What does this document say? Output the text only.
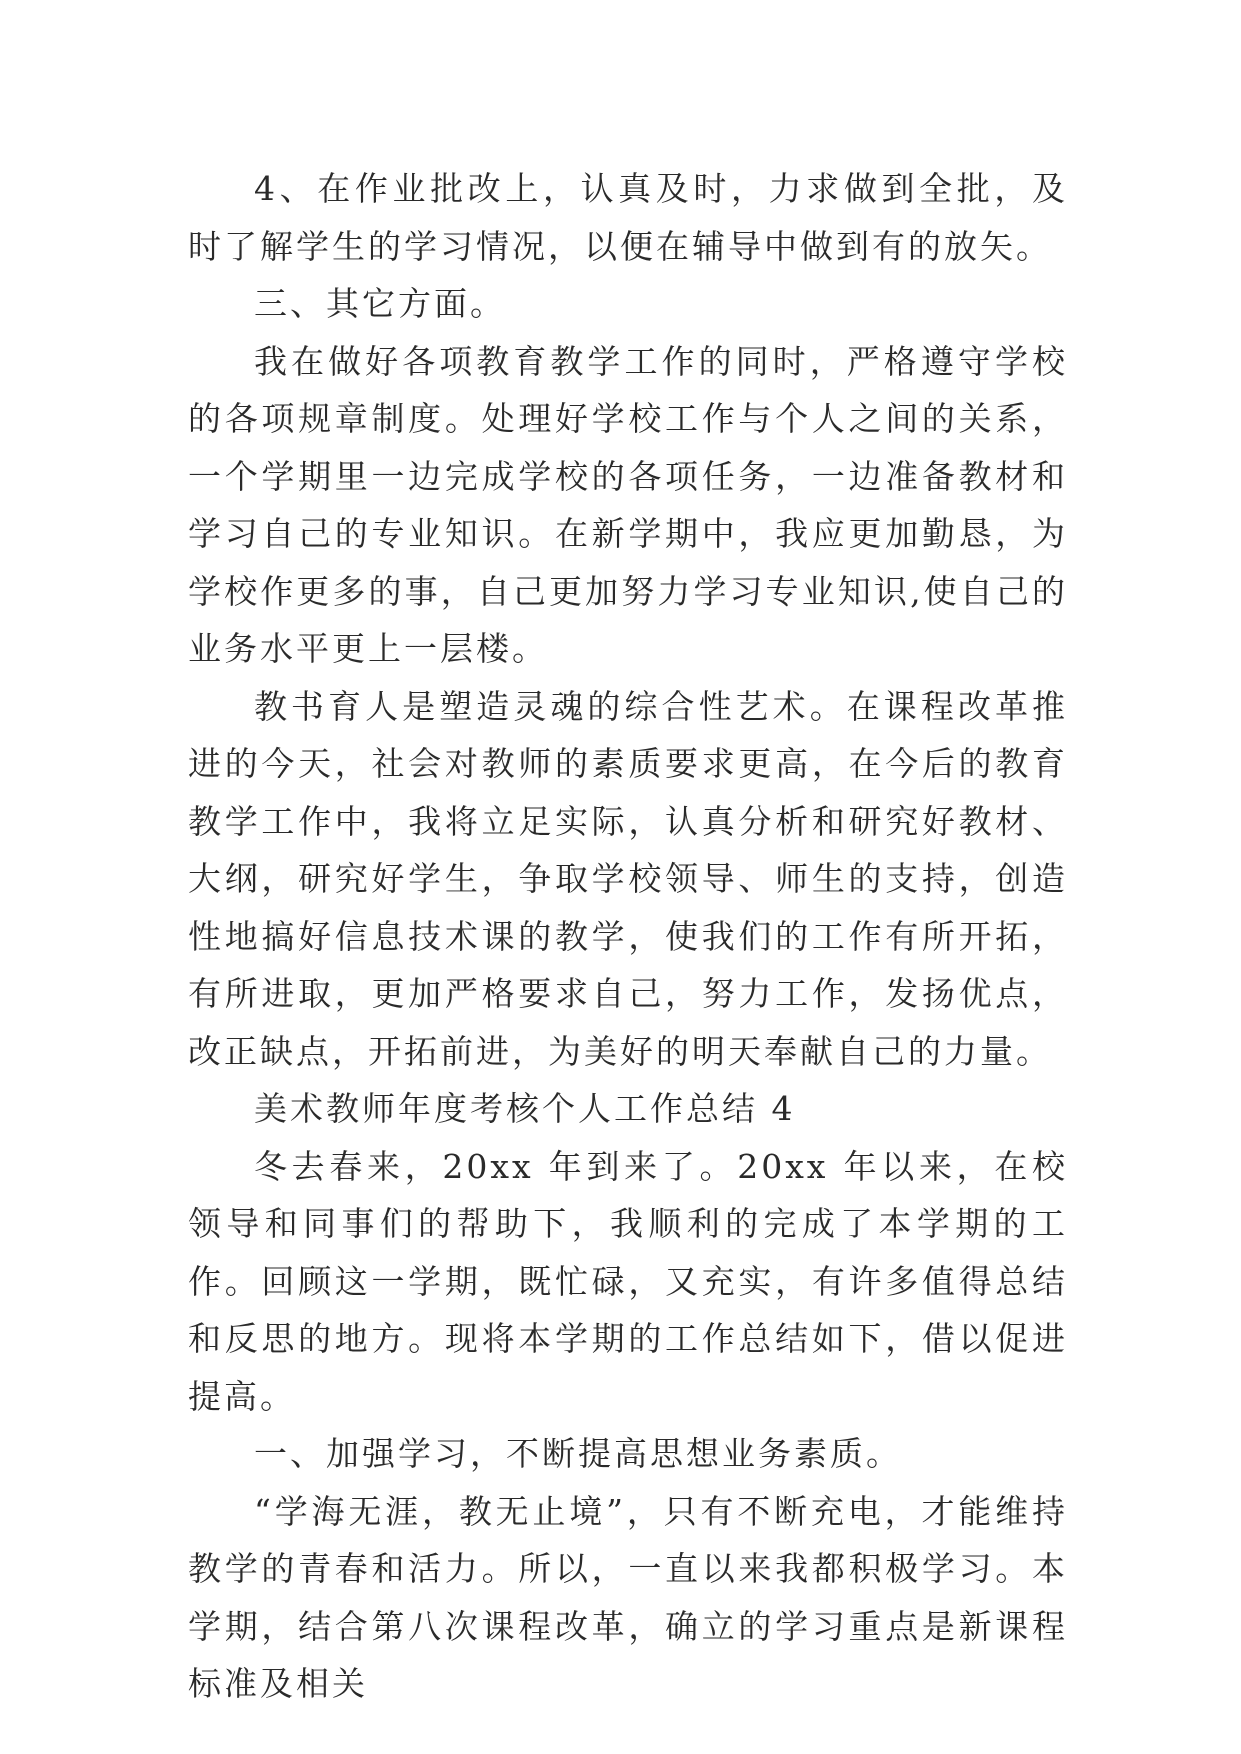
4、在作业批改上，认真及时，力求做到全批，及时了解学生的学习情况，以便在辅导中做到有的放矢。

三、其它方面。

我在做好各项教育教学工作的同时，严格遵守学校的各项规章制度。处理好学校工作与个人之间的关系，一个学期里一边完成学校的各项任务，一边准备教材和学习自己的专业知识。在新学期中，我应更加勤恳，为学校作更多的事，自己更加努力学习专业知识,使自己的业务水平更上一层楼。

教书育人是塑造灵魂的综合性艺术。在课程改革推进的今天，社会对教师的素质要求更高，在今后的教育教学工作中，我将立足实际，认真分析和研究好教材、大纲，研究好学生，争取学校领导、师生的支持，创造性地搞好信息技术课的教学，使我们的工作有所开拓，有所进取，更加严格要求自己，努力工作，发扬优点，改正缺点，开拓前进，为美好的明天奉献自己的力量。

美术教师年度考核个人工作总结 4

冬去春来，20xx 年到来了。20xx 年以来，在校领导和同事们的帮助下，我顺利的完成了本学期的工作。回顾这一学期，既忙碌，又充实，有许多值得总结和反思的地方。现将本学期的工作总结如下，借以促进提高。

一、加强学习，不断提高思想业务素质。

“学海无涯，教无止境”，只有不断充电，才能维持教学的青春和活力。所以，一直以来我都积极学习。本学期，结合第八次课程改革，确立的学习重点是新课程标准及相关
